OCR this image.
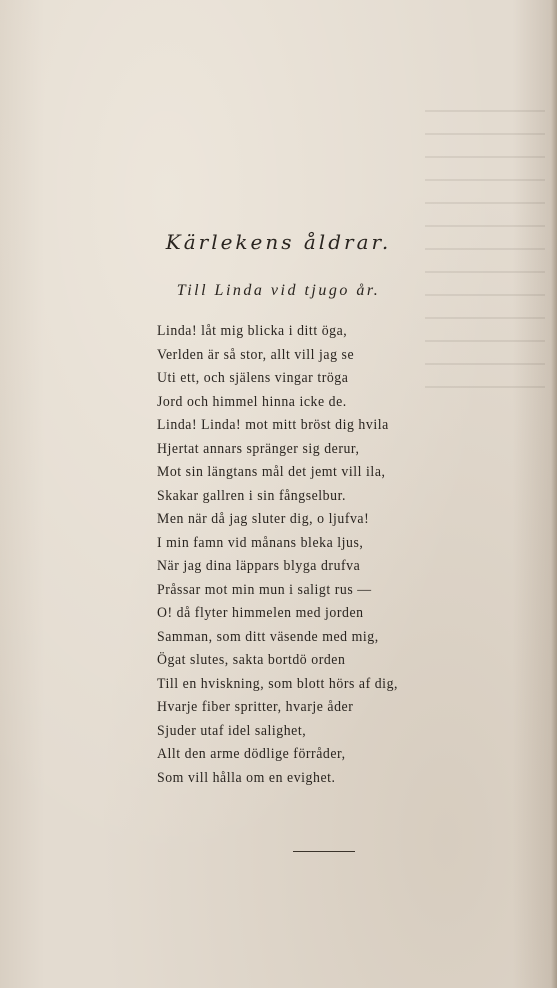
Kärlekens åldrar.
Till Linda vid tjugo år.
Linda! låt mig blicka i ditt öga,
Verlden är så stor, allt vill jag se
Uti ett, och själens vingar tröga
Jord och himmel hinna icke de.
Linda! Linda! mot mitt bröst dig hvila
Hjertat annars spränger sig derur,
Mot sin längtans mål det jemt vill ila,
Skakar gallren i sin fångselbur.
Men när då jag sluter dig, o ljufva!
I min famn vid månans bleka ljus,
När jag dina läppars blyga drufva
Pråssar mot min mun i saligt rus —
O! då flyter himmelen med jorden
Samman, som ditt väsende med mig,
Ögat slutes, sakta bortdö orden
Till en hviskning, som blott hörs af dig,
Hvarje fiber spritter, hvarje åder
Sjuder utaf idel salighet,
Allt den arme dödlige förråder,
Som vill hålla om en evighet.
